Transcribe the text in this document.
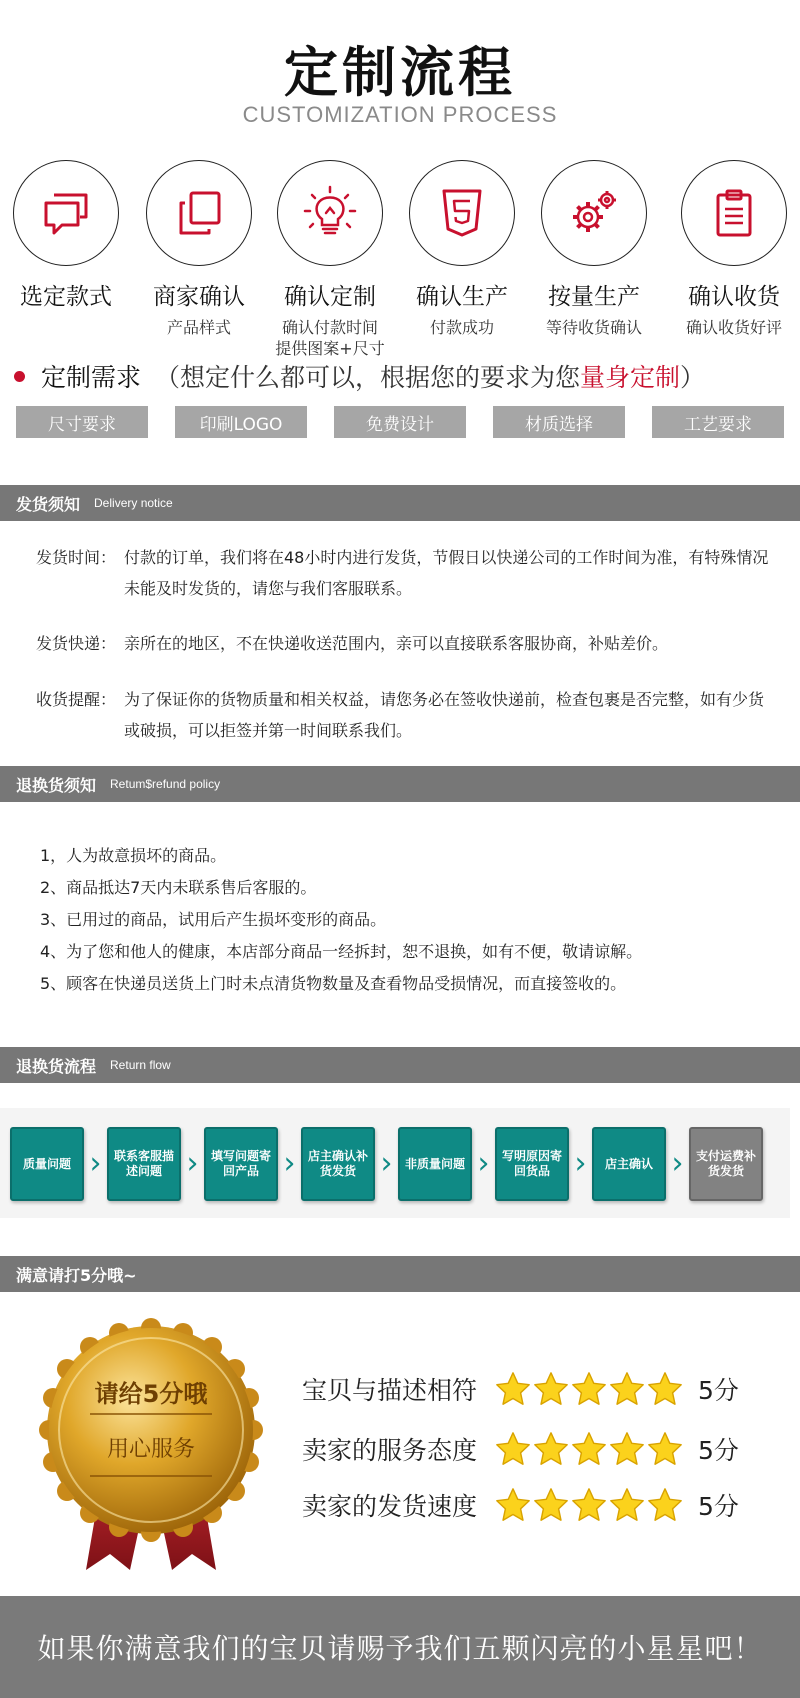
定制流程
CUSTOMIZATION PROCESS
选定款式	商家确认
产品样式
确认定制
确认付款时间
提供图案+尺寸
确认生产
付款成功
按量生产
等待收货确认
确认收货
确认收货好评
定制需求 （想定什么都可以，根据您的要求为您量身定制）
尺寸要求	印刷LOGO	免费设计	材质选择	工艺要求
发货须知 Delivery notice
发货时间： 付款的订单，我们将在48小时内进行发货，节假日以快递公司的工作时间为准，有特殊情况未能及时发货的，请您与我们客服联系。
发货快递： 亲所在的地区，不在快递收送范围内，亲可以直接联系客服协商，补贴差价。
收货提醒： 为了保证你的货物质量和相关权益，请您务必在签收快递前，检查包裹是否完整，如有少货或破损，可以拒签并第一时间联系我们。
退换货须知 Retum$refund policy
1，人为故意损坏的商品。
2、商品抵达7天内未联系售后客服的。
3、已用过的商品，试用后产生损坏变形的商品。
4、为了您和他人的健康，本店部分商品一经拆封，恕不退换，如有不便，敬请谅解。
5、顾客在快递员送货上门时未点清货物数量及查看物品受损情况，而直接签收的。
退换货流程 Return flow
质量问题 ›	联系客服描述问题 ›	填写问题寄回产品 ›	店主确认补货发货 ›	非质量问题 ›	写明原因寄回货品 ›	店主确认 ›	支付运费补货发货
满意请打5分哦~
请给5分哦
用心服务
宝贝与描述相符	5分
卖家的服务态度	5分
卖家的发货速度	5分
如果你满意我们的宝贝请赐予我们五颗闪亮的小星星吧！
